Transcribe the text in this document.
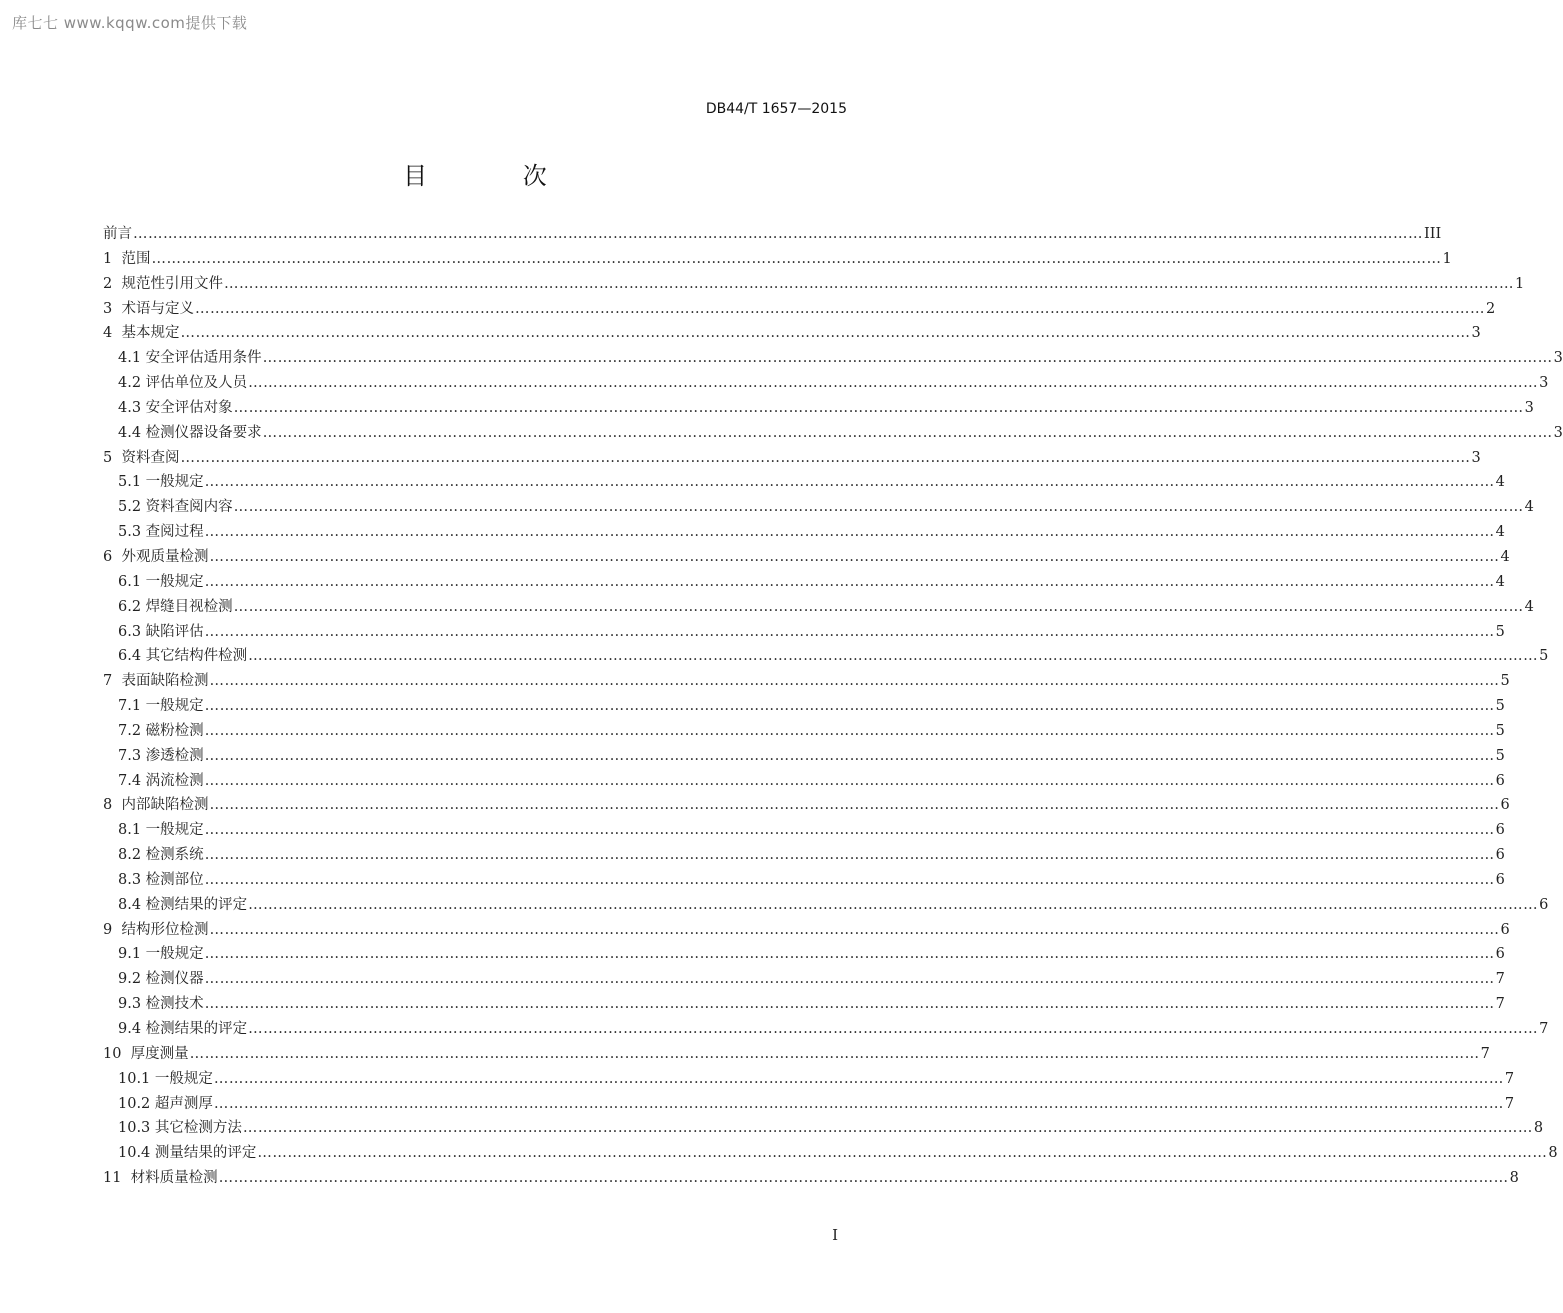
库七七 www.kqqw.com提供下载
DB44/T 1657—2015
目 次
前言 …………………………………………………………………………………………………………………………………………………………………………………………………………………………………… III
1 范围 …………………………………………………………………………………………………………………………………………………………………………………………………………………………………… 1
2 规范性引用文件 …………………………………………………………………………………………………………………………………………………………………………………………………………………………………… 1
3 术语与定义 …………………………………………………………………………………………………………………………………………………………………………………………………………………………………… 2
4 基本规定 …………………………………………………………………………………………………………………………………………………………………………………………………………………………………… 3
4.1 安全评估适用条件 …………………………………………………………………………………………………………………………………………………………………………………………………………………………………… 3
4.2 评估单位及人员 …………………………………………………………………………………………………………………………………………………………………………………………………………………………………… 3
4.3 安全评估对象 …………………………………………………………………………………………………………………………………………………………………………………………………………………………………… 3
4.4 检测仪器设备要求 …………………………………………………………………………………………………………………………………………………………………………………………………………………………………… 3
5 资料查阅 …………………………………………………………………………………………………………………………………………………………………………………………………………………………………… 3
5.1 一般规定 …………………………………………………………………………………………………………………………………………………………………………………………………………………………………… 4
5.2 资料查阅内容 …………………………………………………………………………………………………………………………………………………………………………………………………………………………………… 4
5.3 查阅过程 …………………………………………………………………………………………………………………………………………………………………………………………………………………………………… 4
6 外观质量检测 …………………………………………………………………………………………………………………………………………………………………………………………………………………………………… 4
6.1 一般规定 …………………………………………………………………………………………………………………………………………………………………………………………………………………………………… 4
6.2 焊缝目视检测 …………………………………………………………………………………………………………………………………………………………………………………………………………………………………… 4
6.3 缺陷评估 …………………………………………………………………………………………………………………………………………………………………………………………………………………………………… 5
6.4 其它结构件检测 …………………………………………………………………………………………………………………………………………………………………………………………………………………………………… 5
7 表面缺陷检测 …………………………………………………………………………………………………………………………………………………………………………………………………………………………………… 5
7.1 一般规定 …………………………………………………………………………………………………………………………………………………………………………………………………………………………………… 5
7.2 磁粉检测 …………………………………………………………………………………………………………………………………………………………………………………………………………………………………… 5
7.3 渗透检测 …………………………………………………………………………………………………………………………………………………………………………………………………………………………………… 5
7.4 涡流检测 …………………………………………………………………………………………………………………………………………………………………………………………………………………………………… 6
8 内部缺陷检测 …………………………………………………………………………………………………………………………………………………………………………………………………………………………………… 6
8.1 一般规定 …………………………………………………………………………………………………………………………………………………………………………………………………………………………………… 6
8.2 检测系统 …………………………………………………………………………………………………………………………………………………………………………………………………………………………………… 6
8.3 检测部位 …………………………………………………………………………………………………………………………………………………………………………………………………………………………………… 6
8.4 检测结果的评定 …………………………………………………………………………………………………………………………………………………………………………………………………………………………………… 6
9 结构形位检测 …………………………………………………………………………………………………………………………………………………………………………………………………………………………………… 6
9.1 一般规定 …………………………………………………………………………………………………………………………………………………………………………………………………………………………………… 6
9.2 检测仪器 …………………………………………………………………………………………………………………………………………………………………………………………………………………………………… 7
9.3 检测技术 …………………………………………………………………………………………………………………………………………………………………………………………………………………………………… 7
9.4 检测结果的评定 …………………………………………………………………………………………………………………………………………………………………………………………………………………………………… 7
10 厚度测量 …………………………………………………………………………………………………………………………………………………………………………………………………………………………………… 7
10.1 一般规定 …………………………………………………………………………………………………………………………………………………………………………………………………………………………………… 7
10.2 超声测厚 …………………………………………………………………………………………………………………………………………………………………………………………………………………………………… 7
10.3 其它检测方法 …………………………………………………………………………………………………………………………………………………………………………………………………………………………………… 8
10.4 测量结果的评定 …………………………………………………………………………………………………………………………………………………………………………………………………………………………………… 8
11 材料质量检测 …………………………………………………………………………………………………………………………………………………………………………………………………………………………………… 8
I
